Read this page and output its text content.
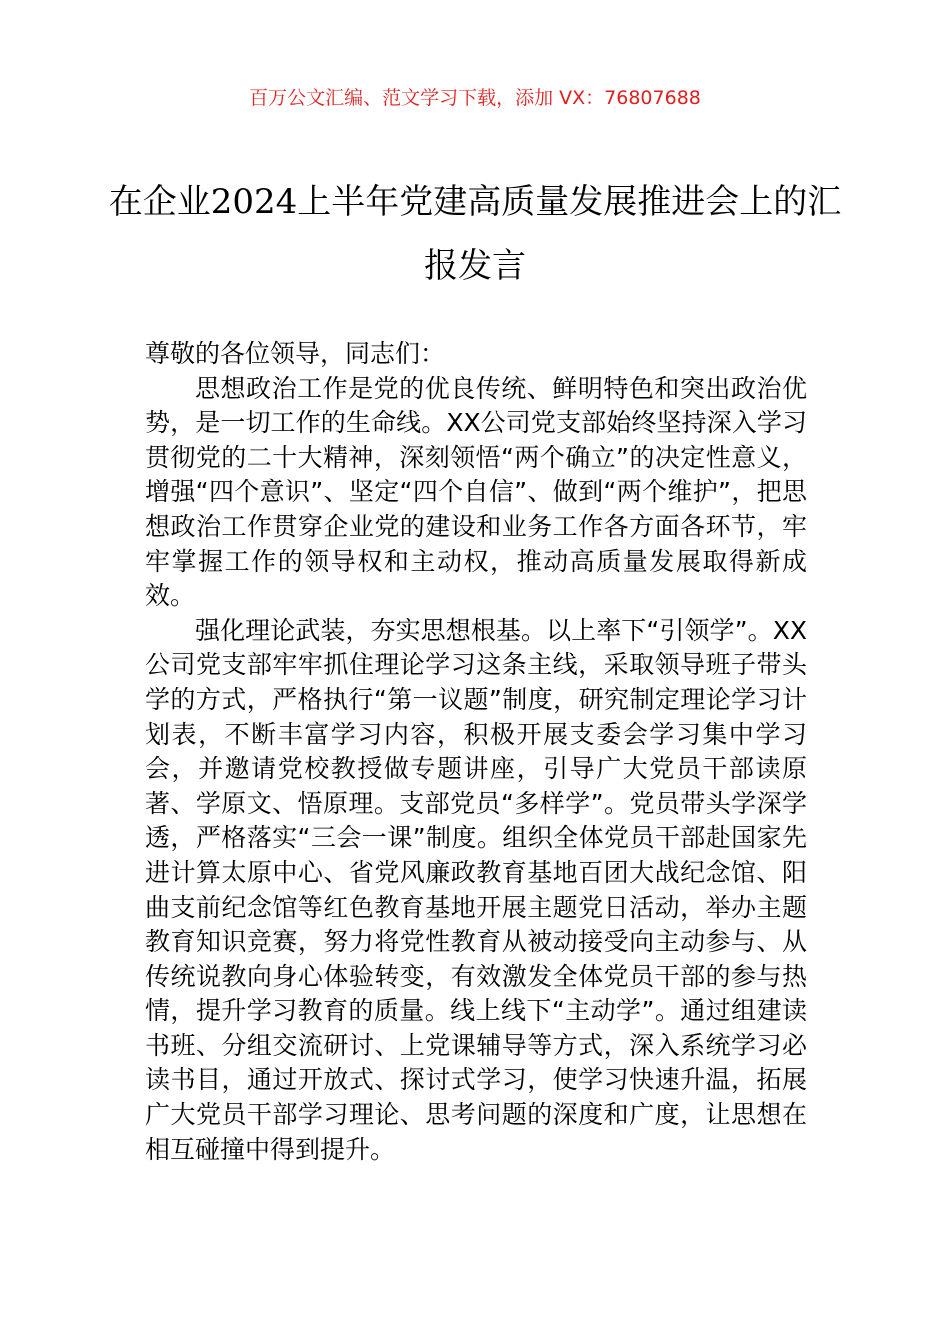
百万公文汇编、范文学习下载，添加 VX：76807688
在企业2024上半年党建高质量发展推进会上的汇报发言

尊敬的各位领导，同志们：

思想政治工作是党的优良传统、鲜明特色和突出政治优势，是一切工作的生命线。XX公司党支部始终坚持深入学习贯彻党的二十大精神，深刻领悟“两个确立”的决定性意义，增强“四个意识”、坚定“四个自信”、做到“两个维护”，把思想政治工作贯穿企业党的建设和业务工作各方面各环节，牢牢掌握工作的领导权和主动权，推动高质量发展取得新成效。

强化理论武装，夯实思想根基。以上率下“引领学”。XX公司党支部牢牢抓住理论学习这条主线，采取领导班子带头学的方式，严格执行“第一议题”制度，研究制定理论学习计划表，不断丰富学习内容，积极开展支委会学习集中学习会，并邀请党校教授做专题讲座，引导广大党员干部读原著、学原文、悟原理。支部党员“多样学”。党员带头学深学透，严格落实“三会一课”制度。组织全体党员干部赴国家先进计算太原中心、省党风廉政教育基地百团大战纪念馆、阳曲支前纪念馆等红色教育基地开展主题党日活动，举办主题教育知识竞赛，努力将党性教育从被动接受向主动参与、从传统说教向身心体验转变，有效激发全体党员干部的参与热情，提升学习教育的质量。线上线下“主动学”。通过组建读书班、分组交流研讨、上党课辅导等方式，深入系统学习必读书目，通过开放式、探讨式学习，使学习快速升温，拓展广大党员干部学习理论、思考问题的深度和广度，让思想在相互碰撞中得到提升。
